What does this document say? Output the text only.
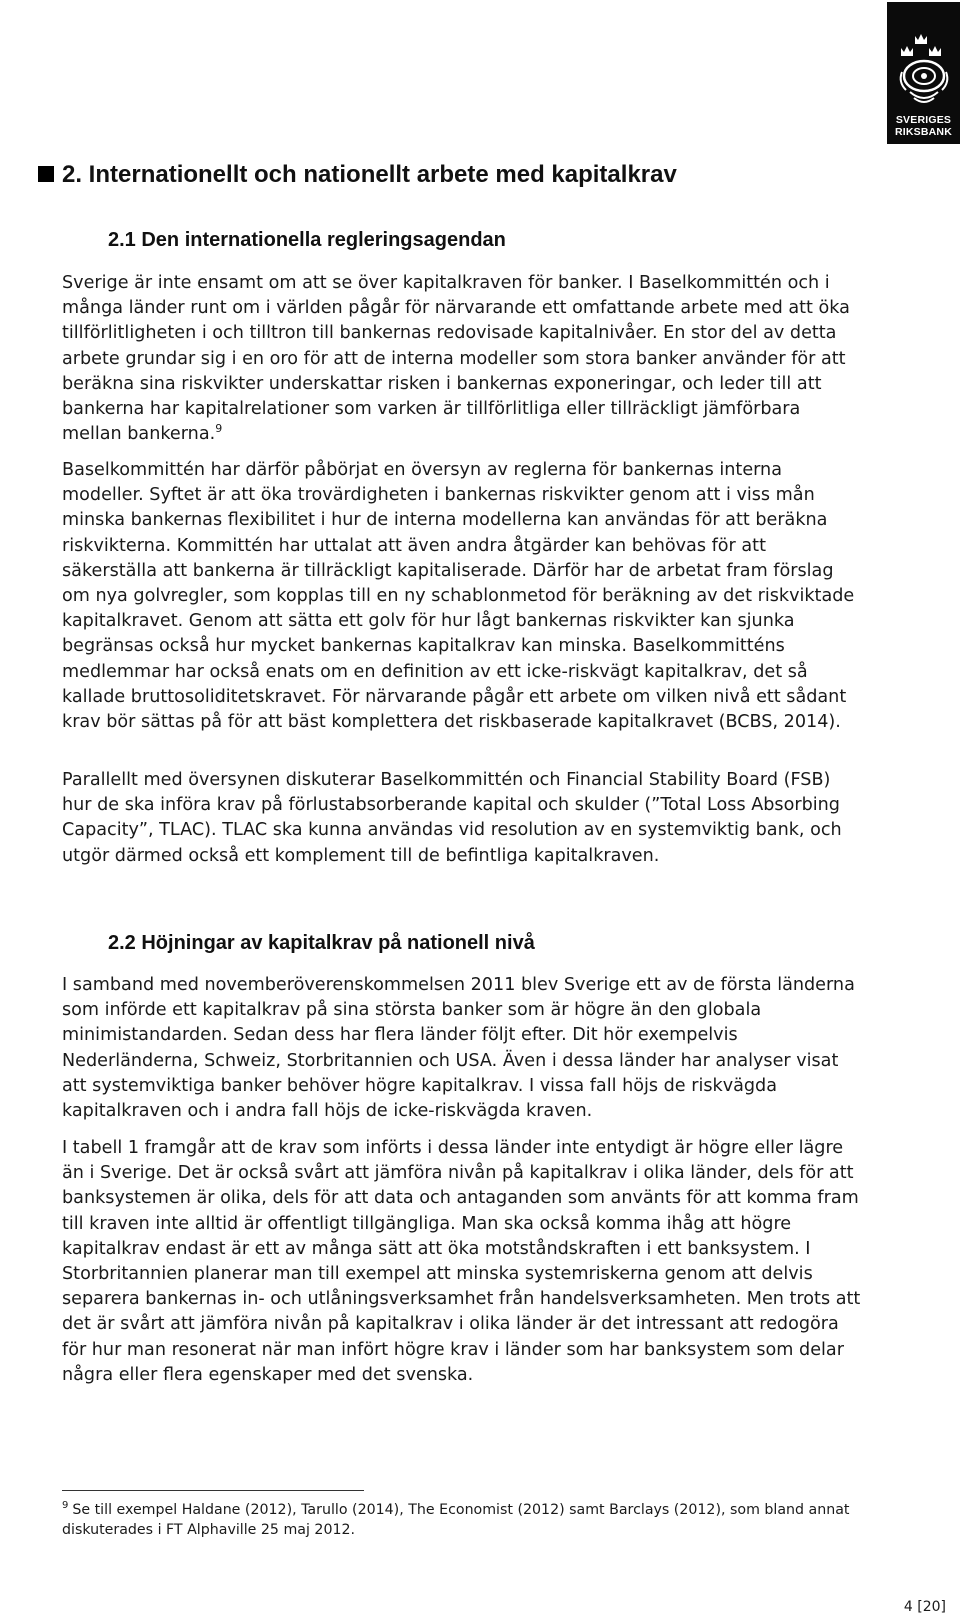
SVERIGES
RIKSBANK
2. Internationellt och nationellt arbete med kapitalkrav
2.1 Den internationella regleringsagendan

Sverige är inte ensamt om att se över kapitalkraven för banker. I Baselkommittén och i många länder runt om i världen pågår för närvarande ett omfattande arbete med att öka tillförlitligheten i och tilltron till bankernas redovisade kapitalnivåer. En stor del av detta arbete grundar sig i en oro för att de interna modeller som stora banker använder för att beräkna sina riskvikter underskattar risken i bankernas exponeringar, och leder till att bankerna har kapitalrelationer som varken är tillförlitliga eller tillräckligt jämförbara mellan bankerna.$^9$

Baselkommittén har därför påbörjat en översyn av reglerna för bankernas interna modeller. Syftet är att öka trovärdigheten i bankernas riskvikter genom att i viss mån minska bankernas flexibilitet i hur de interna modellerna kan användas för att beräkna riskvikterna. Kommittén har uttalat att även andra åtgärder kan behövas för att säkerställa att bankerna är tillräckligt kapitaliserade. Därför har de arbetat fram förslag om nya golvregler, som kopplas till en ny schablonmetod för beräkning av det riskviktade kapitalkravet. Genom att sätta ett golv för hur lågt bankernas riskvikter kan sjunka begränsas också hur mycket bankernas kapitalkrav kan minska. Baselkommitténs medlemmar har också enats om en definition av ett icke-riskvägt kapitalkrav, det så kallade bruttosoliditetskravet. För närvarande pågår ett arbete om vilken nivå ett sådant krav bör sättas på för att bäst komplettera det riskbaserade kapitalkravet (BCBS, 2014).

Parallellt med översynen diskuterar Baselkommittén och Financial Stability Board (FSB) hur de ska införa krav på förlustabsorberande kapital och skulder (”Total Loss Absorbing Capacity”, TLAC). TLAC ska kunna användas vid resolution av en systemviktig bank, och utgör därmed också ett komplement till de befintliga kapitalkraven.

2.2 Höjningar av kapitalkrav på nationell nivå

I samband med novemberöverenskommelsen 2011 blev Sverige ett av de första länderna som införde ett kapitalkrav på sina största banker som är högre än den globala minimistandarden. Sedan dess har flera länder följt efter. Dit hör exempelvis Nederländerna, Schweiz, Storbritannien och USA. Även i dessa länder har analyser visat att systemviktiga banker behöver högre kapitalkrav. I vissa fall höjs de riskvägda kapitalkraven och i andra fall höjs de icke-riskvägda kraven.

I tabell 1 framgår att de krav som införts i dessa länder inte entydigt är högre eller lägre än i Sverige. Det är också svårt att jämföra nivån på kapitalkrav i olika länder, dels för att banksystemen är olika, dels för att data och antaganden som använts för att komma fram till kraven inte alltid är offentligt tillgängliga. Man ska också komma ihåg att högre kapitalkrav endast är ett av många sätt att öka motståndskraften i ett banksystem. I Storbritannien planerar man till exempel att minska systemriskerna genom att delvis separera bankernas in- och utlåningsverksamhet från handelsverksamheten. Men trots att det är svårt att jämföra nivån på kapitalkrav i olika länder är det intressant att redogöra för hur man resonerat när man infört högre krav i länder som har banksystem som delar några eller flera egenskaper med det svenska.

$^9$ Se till exempel Haldane (2012), Tarullo (2014), The Economist (2012) samt Barclays (2012), som bland annat diskuterades i FT Alphaville 25 maj 2012.
4 [20]
